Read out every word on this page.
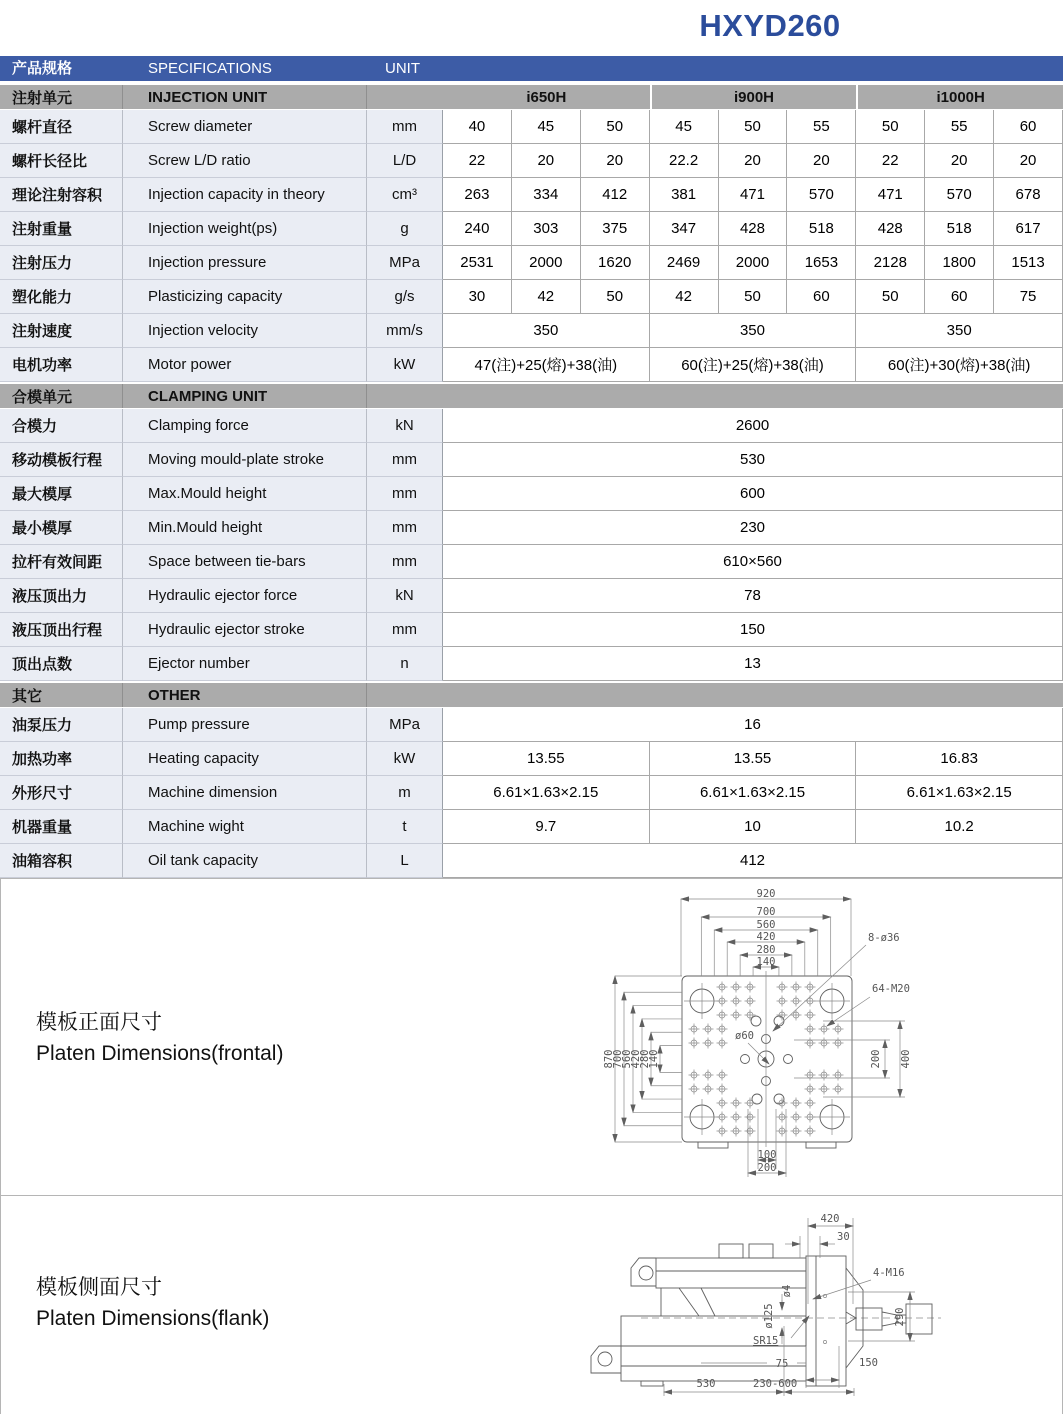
HXYD260
产品规格	SPECIFICATIONS	UNIT
注射单元	INJECTION UNIT	i650H	i900H	i1000H
螺杆直径	Screw diameter	mm	40	45	50	45	50	55	50	55	60
螺杆长径比	Screw L/D ratio	L/D	22	20	20	22.2	20	20	22	20	20
理论注射容积	Injection capacity in theory	cm³	263	334	412	381	471	570	471	570	678
注射重量	Injection weight(ps)	g	240	303	375	347	428	518	428	518	617
注射压力	Injection pressure	MPa	2531	2000	1620	2469	2000	1653	2128	1800	1513
塑化能力	Plasticizing capacity	g/s	30	42	50	42	50	60	50	60	75
注射速度	Injection velocity	mm/s	350	350	350
电机功率	Motor power	kW	47(注)+25(熔)+38(油)	60(注)+25(熔)+38(油)	60(注)+30(熔)+38(油)
合模单元	CLAMPING UNIT
合模力	Clamping force	kN	2600
移动模板行程	Moving mould-plate stroke	mm	530
最大模厚	Max.Mould height	mm	600
最小模厚	Min.Mould height	mm	230
拉杆有效间距	Space between tie-bars	mm	610×560
液压顶出力	Hydraulic ejector force	kN	78
液压顶出行程	Hydraulic ejector stroke	mm	150
顶出点数	Ejector number	n	13
其它	OTHER
油泵压力	Pump pressure	MPa	16
加热功率	Heating capacity	kW	13.55	13.55	16.83
外形尺寸	Machine dimension	m	6.61×1.63×2.15	6.61×1.63×2.15	6.61×1.63×2.15
机器重量	Machine wight	t	9.7	10	10.2
油箱容积	Oil tank capacity	L	412
模板正面尺寸
Platen Dimensions(frontal)
920
700
560
420
280
140
870
700
560
420
280
140	400
200
100
200
8-ø36
64-M20
ø60
模板侧面尺寸
Platen Dimensions(flank)
420
30
4-M16
ø4
ø125
SR15
290
75	150
530	230-600
